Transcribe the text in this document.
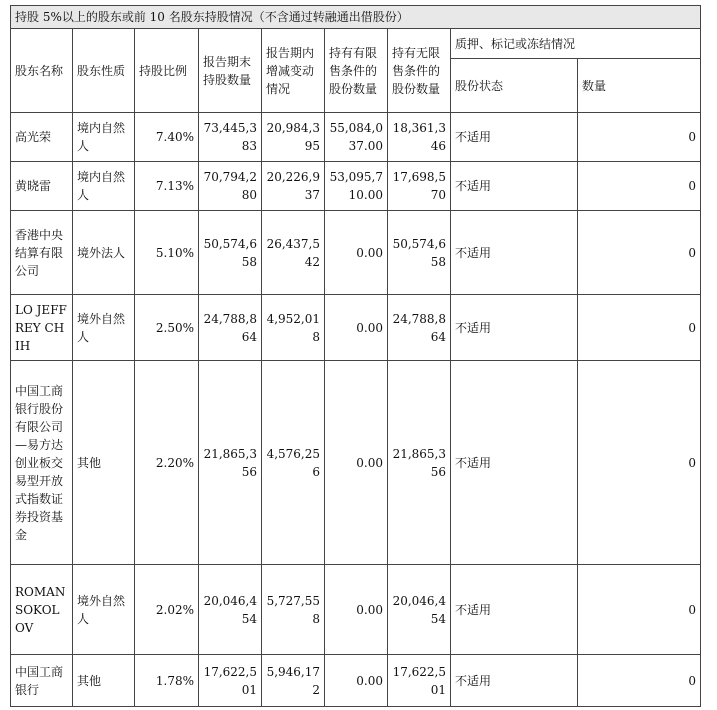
持股 5%以上的股东或前 10 名股东持股情况（不含通过转融通出借股份）								
股东名称	股东性质	持股比例	报告期末持股数量	报告期内增减变动情况	持有有限售条件的股份数量	持有无限售条件的股份数量	质押、标记或冻结情况	
							股份状态	数量
高光荣	境内自然人	7.40%	73,445,383	20,984,395	55,084,037.00	18,361,346	不适用	0
黄晓雷	境内自然人	7.13%	70,794,280	20,226,937	53,095,710.00	17,698,570	不适用	0
香港中央结算有限公司	境外法人	5.10%	50,574,658	26,437,542	0.00	50,574,658	不适用	0
LO JEFFREY CHIH	境外自然人	2.50%	24,788,864	4,952,018	0.00	24,788,864	不适用	0
中国工商银行股份有限公司—易方达创业板交易型开放式指数证券投资基金	其他	2.20%	21,865,356	4,576,256	0.00	21,865,356	不适用	0
ROMAN SOKOLOV	境外自然人	2.02%	20,046,454	5,727,558	0.00	20,046,454	不适用	0
中国工商银行	其他	1.78%	17,622,501	5,946,172	0.00	17,622,501	不适用	0
